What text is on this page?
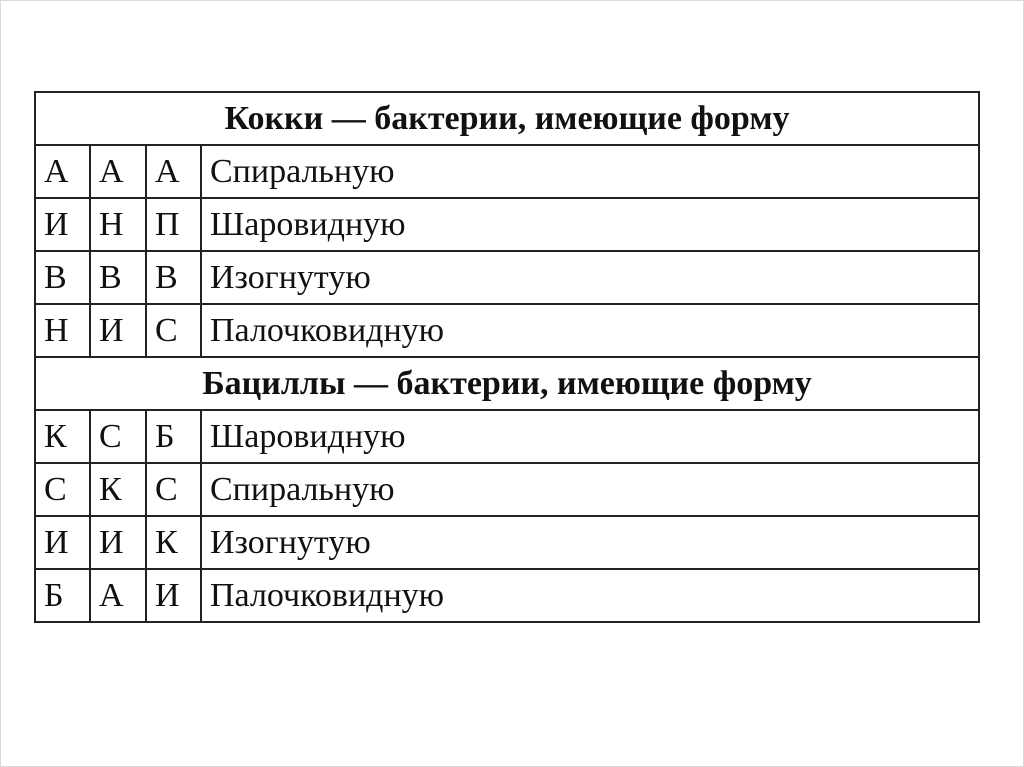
Кокки — бактерии, имеющие форму			
А	А	А	Спиральную
И	Н	П	Шаровидную
В	В	В	Изогнутую
Н	И	С	Палочковидную
Бациллы — бактерии, имеющие форму			
К	С	Б	Шаровидную
С	К	С	Спиральную
И	И	К	Изогнутую
Б	А	И	Палочковидную
